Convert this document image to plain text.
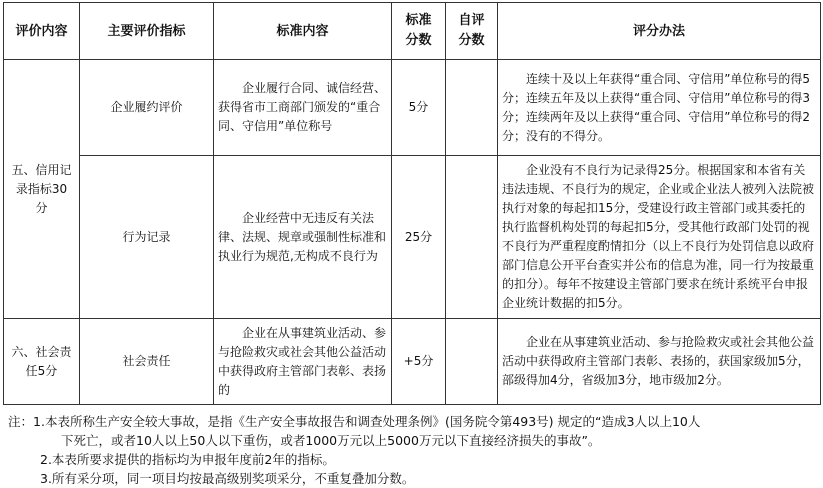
评价内容	主要评价指标	标准内容	标准分数	自评分数	评分办法
五、信用记录指标30分	企业履约评价	企业履行合同、诚信经营、获得省市工商部门颁发的“重合同、守信用”单位称号	5分		连续十及以上年获得“重合同、守信用”单位称号的得5分；连续五年及以上获得“重合同、守信用”单位称号的得3分；连续两年及以上获得“重合同、守信用”单位称号的得2分；没有的不得分。
	行为记录	企业经营中无违反有关法律、法规、规章或强制性标准和执业行为规范,无构成不良行为	25分		企业没有不良行为记录得25分。根据国家和本省有关违法违规、不良行为的规定，企业或企业法人被列入法院被执行对象的每起扣15分，受建设行政主管部门或其委托的执行监督机构处罚的每起扣5分，受其他行政部门处罚的视不良行为严重程度酌情扣分（以上不良行为处罚信息以政府部门信息公开平台查实并公布的信息为准，同一行为按最重的扣分）。每年不按建设主管部门要求在统计系统平台申报企业统计数据的扣5分。
六、社会责任5分	社会责任	企业在从事建筑业活动、参与抢险救灾或社会其他公益活动中获得政府主管部门表彰、表扬的	+5分		企业在从事建筑业活动、参与抢险救灾或社会其他公益活动中获得政府主管部门表彰、表扬的，获国家级加5分，部级得加4分，省级加3分，地市级加2分。
注： 1.本表所称生产安全较大事故，是指《生产安全事故报告和调查处理条例》(国务院令第493号) 规定的“造成3人以上10人
下死亡，或者10人以上50人以下重伤，或者1000万元以上5000万元以下直接经济损失的事故”。
2.本表所要求提供的指标均为申报年度前2年的指标。
3.所有采分项，同一项目均按最高级别奖项采分，不重复叠加分数。
